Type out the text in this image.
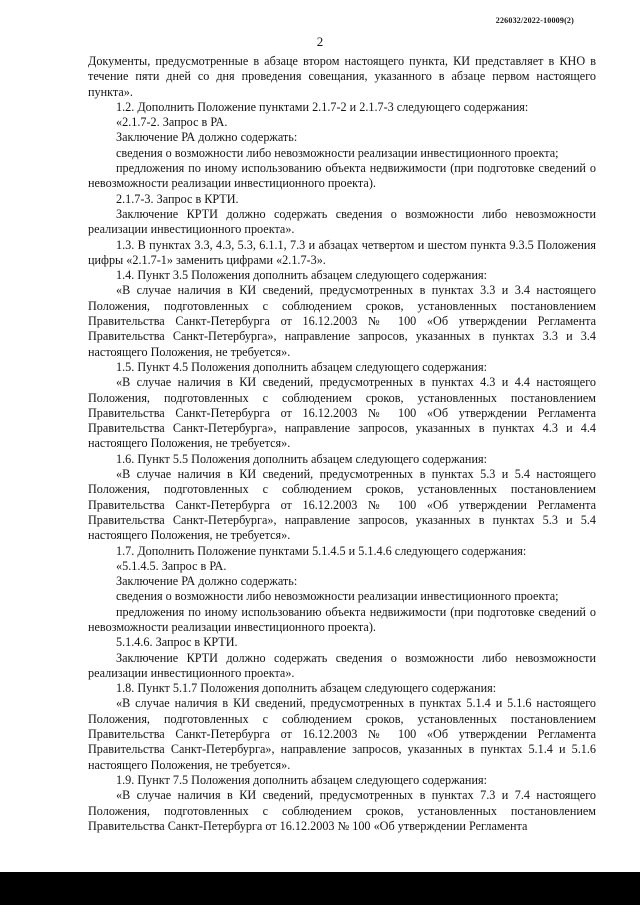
226032/2022-10009(2)
2

Документы, предусмотренные в абзаце втором настоящего пункта, КИ представляет в КНО в течение пяти дней со дня проведения совещания, указанного в абзаце первом настоящего пункта».

1.2. Дополнить Положение пунктами 2.1.7-2 и 2.1.7-3 следующего содержания:

«2.1.7-2. Запрос в РА.

Заключение РА должно содержать:

сведения о возможности либо невозможности реализации инвестиционного проекта;

предложения по иному использованию объекта недвижимости (при подготовке сведений о невозможности реализации инвестиционного проекта).

2.1.7-3. Запрос в КРТИ.

Заключение КРТИ должно содержать сведения о возможности либо невозможности реализации инвестиционного проекта».

1.3. В пунктах 3.3, 4.3, 5.3, 6.1.1, 7.3 и абзацах четвертом и шестом пункта 9.3.5 Положения цифры «2.1.7-1» заменить цифрами «2.1.7-3».

1.4. Пункт 3.5 Положения дополнить абзацем следующего содержания:

«В случае наличия в КИ сведений, предусмотренных в пунктах 3.3 и 3.4 настоящего Положения, подготовленных с соблюдением сроков, установленных постановлением Правительства Санкт-Петербурга от 16.12.2003 № 100 «Об утверждении Регламента Правительства Санкт-Петербурга», направление запросов, указанных в пунктах 3.3 и 3.4 настоящего Положения, не требуется».

1.5. Пункт 4.5 Положения дополнить абзацем следующего содержания:

«В случае наличия в КИ сведений, предусмотренных в пунктах 4.3 и 4.4 настоящего Положения, подготовленных с соблюдением сроков, установленных постановлением Правительства Санкт-Петербурга от 16.12.2003 № 100 «Об утверждении Регламента Правительства Санкт-Петербурга», направление запросов, указанных в пунктах 4.3 и 4.4 настоящего Положения, не требуется».

1.6. Пункт 5.5 Положения дополнить абзацем следующего содержания:

«В случае наличия в КИ сведений, предусмотренных в пунктах 5.3 и 5.4 настоящего Положения, подготовленных с соблюдением сроков, установленных постановлением Правительства Санкт-Петербурга от 16.12.2003 № 100 «Об утверждении Регламента Правительства Санкт-Петербурга», направление запросов, указанных в пунктах 5.3 и 5.4 настоящего Положения, не требуется».

1.7. Дополнить Положение пунктами 5.1.4.5 и 5.1.4.6 следующего содержания:

«5.1.4.5. Запрос в РА.

Заключение РА должно содержать:

сведения о возможности либо невозможности реализации инвестиционного проекта;

предложения по иному использованию объекта недвижимости (при подготовке сведений о невозможности реализации инвестиционного проекта).

5.1.4.6. Запрос в КРТИ.

Заключение КРТИ должно содержать сведения о возможности либо невозможности реализации инвестиционного проекта».

1.8. Пункт 5.1.7 Положения дополнить абзацем следующего содержания:

«В случае наличия в КИ сведений, предусмотренных в пунктах 5.1.4 и 5.1.6 настоящего Положения, подготовленных с соблюдением сроков, установленных постановлением Правительства Санкт-Петербурга от 16.12.2003 № 100 «Об утверждении Регламента Правительства Санкт-Петербурга», направление запросов, указанных в пунктах 5.1.4 и 5.1.6 настоящего Положения, не требуется».

1.9. Пункт 7.5 Положения дополнить абзацем следующего содержания:

«В случае наличия в КИ сведений, предусмотренных в пунктах 7.3 и 7.4 настоящего Положения, подготовленных с соблюдением сроков, установленных постановлением Правительства Санкт-Петербурга от 16.12.2003 № 100 «Об утверждении Регламента
